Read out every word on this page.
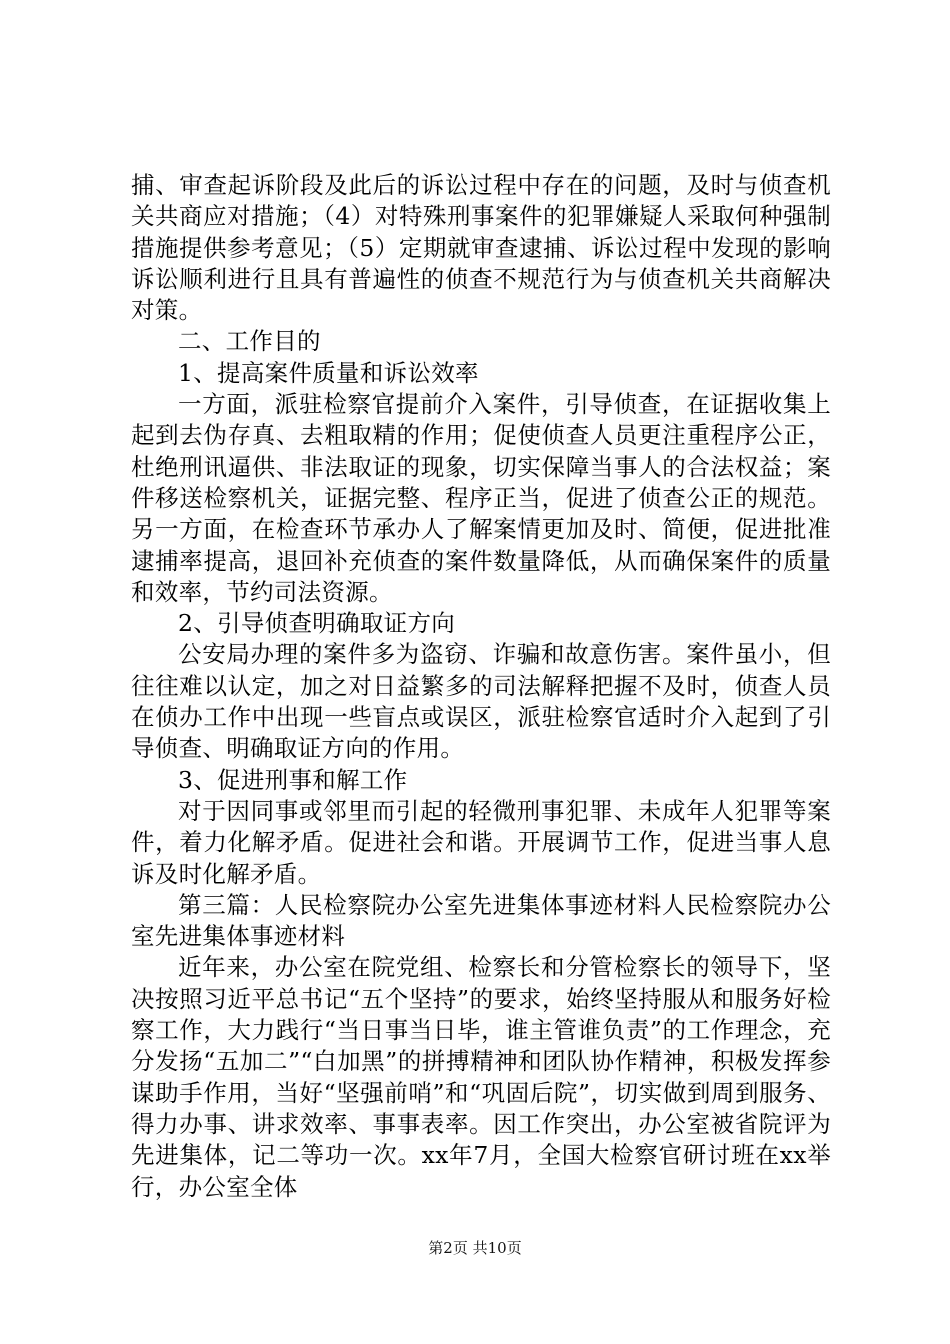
捕、审查起诉阶段及此后的诉讼过程中存在的问题，及时与侦查机关共商应对措施；（4）对特殊刑事案件的犯罪嫌疑人采取何种强制措施提供参考意见；（5）定期就审查逮捕、诉讼过程中发现的影响诉讼顺利进行且具有普遍性的侦查不规范行为与侦查机关共商解决对策。

二、工作目的

1、提高案件质量和诉讼效率

一方面，派驻检察官提前介入案件，引导侦查，在证据收集上起到去伪存真、去粗取精的作用；促使侦查人员更注重程序公正，杜绝刑讯逼供、非法取证的现象，切实保障当事人的合法权益；案件移送检察机关，证据完整、程序正当，促进了侦查公正的规范。另一方面，在检查环节承办人了解案情更加及时、简便，促进批准逮捕率提高，退回补充侦查的案件数量降低，从而确保案件的质量和效率，节约司法资源。

2、引导侦查明确取证方向

公安局办理的案件多为盗窃、诈骗和故意伤害。案件虽小，但往往难以认定，加之对日益繁多的司法解释把握不及时，侦查人员在侦办工作中出现一些盲点或误区，派驻检察官适时介入起到了引导侦查、明确取证方向的作用。

3、促进刑事和解工作

对于因同事或邻里而引起的轻微刑事犯罪、未成年人犯罪等案件，着力化解矛盾。促进社会和谐。开展调节工作，促进当事人息诉及时化解矛盾。

第三篇：人民检察院办公室先进集体事迹材料人民检察院办公室先进集体事迹材料

近年来，办公室在院党组、检察长和分管检察长的领导下，坚决按照习近平总书记“五个坚持”的要求，始终坚持服从和服务好检察工作，大力践行“当日事当日毕，谁主管谁负责”的工作理念，充分发扬“五加二”“白加黑”的拼搏精神和团队协作精神，积极发挥参谋助手作用，当好“坚强前哨”和“巩固后院”，切实做到周到服务、得力办事、讲求效率、事事表率。因工作突出，办公室被省院评为先进集体，记二等功一次。xx年7月，全国大检察官研讨班在xx举行，办公室全体

第2页 共10页
